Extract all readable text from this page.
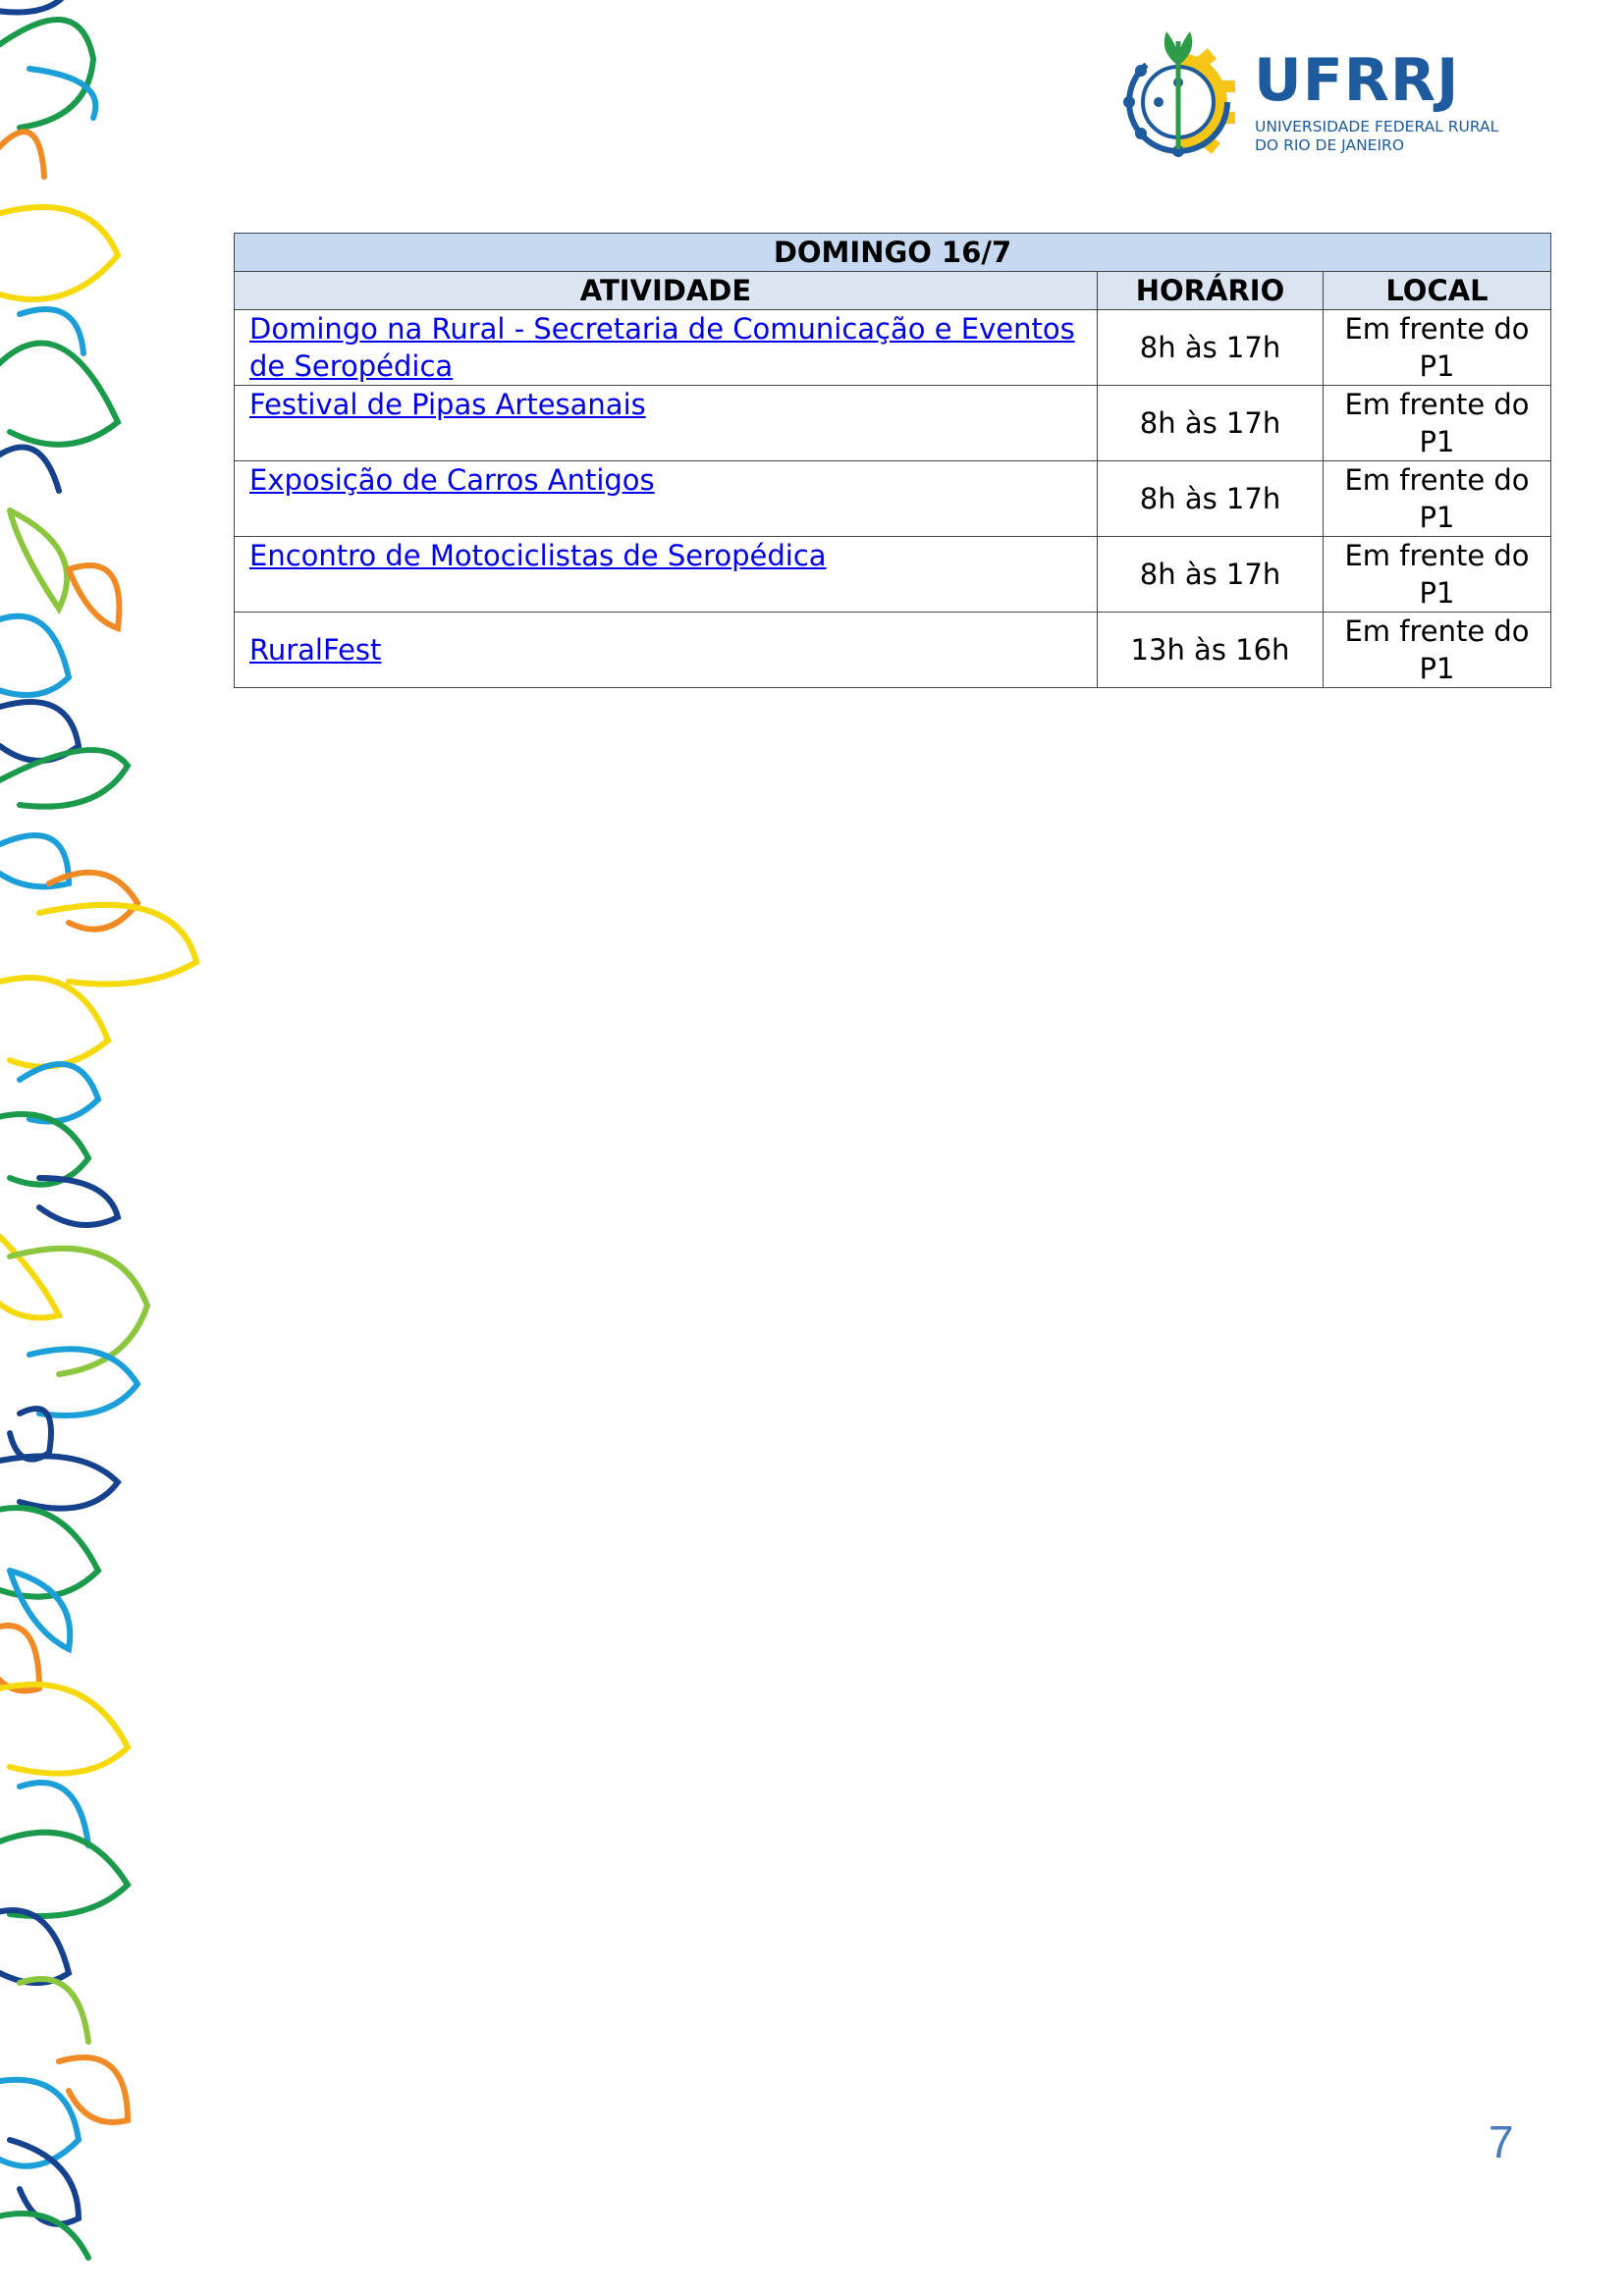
UFRRJ
UNIVERSIDADE FEDERAL RURAL
DO RIO DE JANEIRO
DOMINGO 16/7		
ATIVIDADE	HORÁRIO	LOCAL
Domingo na Rural - Secretaria de Comunicação e Eventos de Seropédica	8h às 17h	Em frente do P1
Festival de Pipas Artesanais	8h às 17h	Em frente do P1
Exposição de Carros Antigos	8h às 17h	Em frente do P1
Encontro de Motociclistas de Seropédica	8h às 17h	Em frente do P1
RuralFest	13h às 16h	Em frente do P1
7
